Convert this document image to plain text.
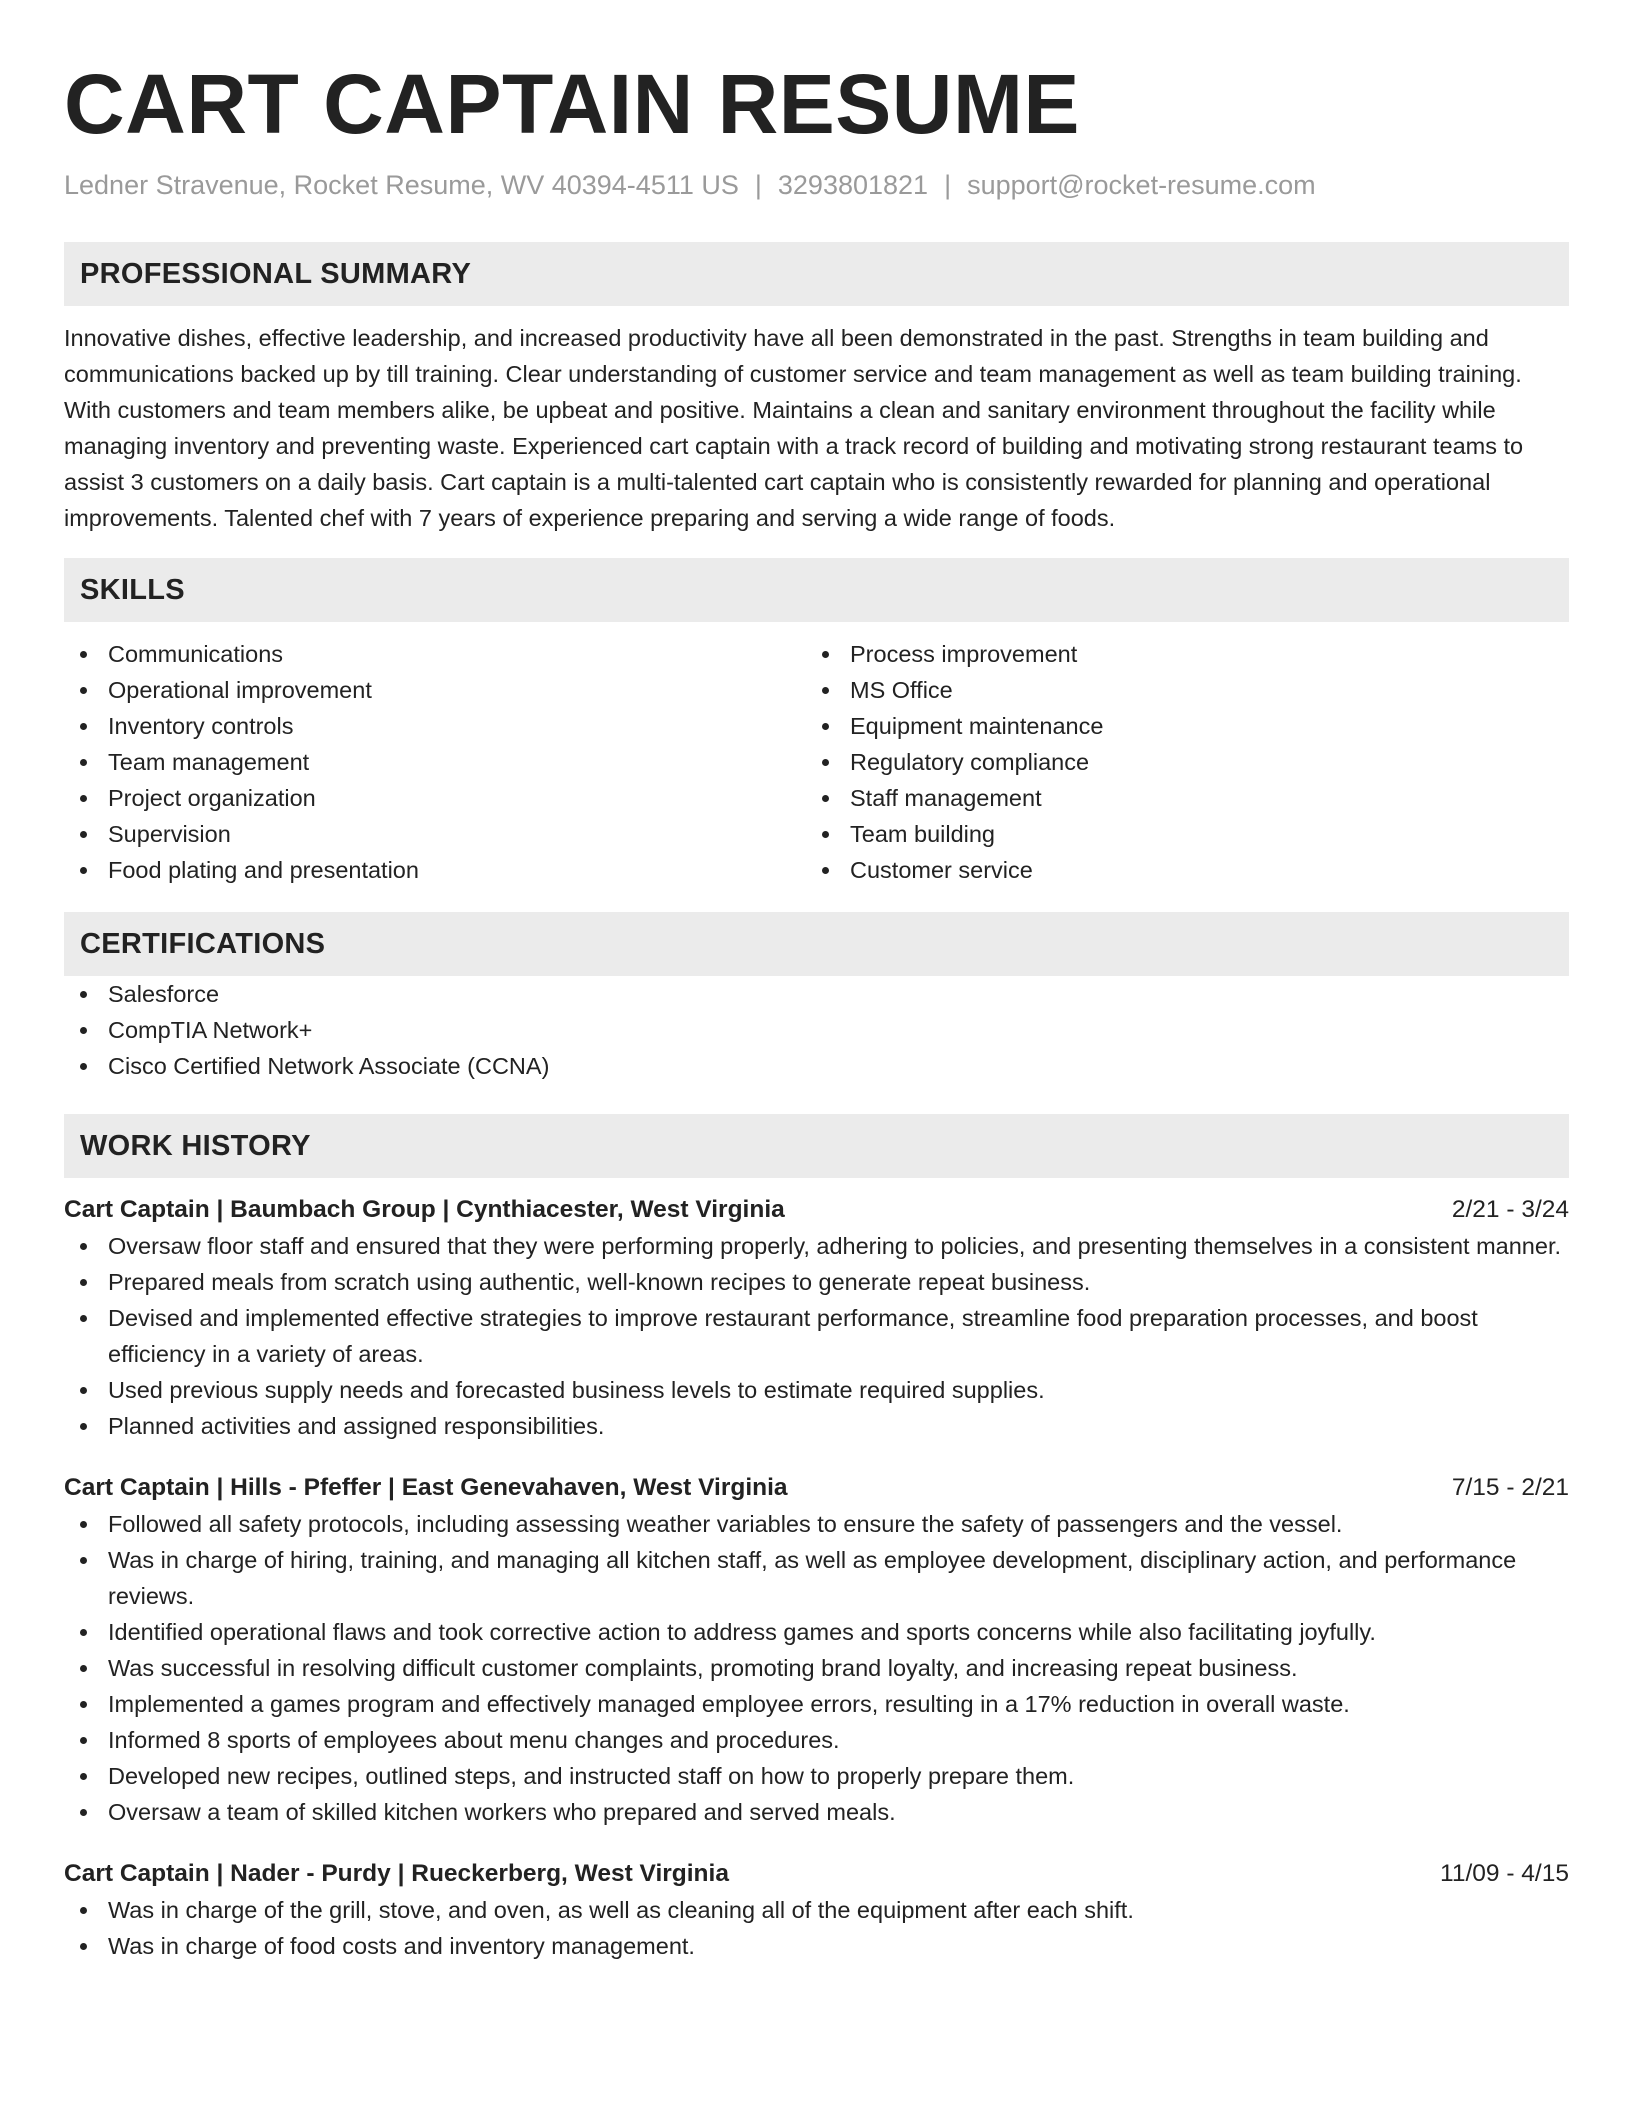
CART CAPTAIN RESUME
Ledner Stravenue, Rocket Resume, WV 40394-4511 US | 3293801821 | support@rocket-resume.com
PROFESSIONAL SUMMARY
Innovative dishes, effective leadership, and increased productivity have all been demonstrated in the past. Strengths in team building and communications backed up by till training. Clear understanding of customer service and team management as well as team building training. With customers and team members alike, be upbeat and positive. Maintains a clean and sanitary environment throughout the facility while managing inventory and preventing waste. Experienced cart captain with a track record of building and motivating strong restaurant teams to assist 3 customers on a daily basis. Cart captain is a multi-talented cart captain who is consistently rewarded for planning and operational improvements. Talented chef with 7 years of experience preparing and serving a wide range of foods.
SKILLS
Communications
Operational improvement
Inventory controls
Team management
Project organization
Supervision
Food plating and presentation
Process improvement
MS Office
Equipment maintenance
Regulatory compliance
Staff management
Team building
Customer service
CERTIFICATIONS
Salesforce
CompTIA Network+
Cisco Certified Network Associate (CCNA)
WORK HISTORY
Cart Captain | Baumbach Group | Cynthiacester, West Virginia	2/21 - 3/24
Oversaw floor staff and ensured that they were performing properly, adhering to policies, and presenting themselves in a consistent manner.
Prepared meals from scratch using authentic, well-known recipes to generate repeat business.
Devised and implemented effective strategies to improve restaurant performance, streamline food preparation processes, and boost efficiency in a variety of areas.
Used previous supply needs and forecasted business levels to estimate required supplies.
Planned activities and assigned responsibilities.
Cart Captain | Hills - Pfeffer | East Genevahaven, West Virginia	7/15 - 2/21
Followed all safety protocols, including assessing weather variables to ensure the safety of passengers and the vessel.
Was in charge of hiring, training, and managing all kitchen staff, as well as employee development, disciplinary action, and performance reviews.
Identified operational flaws and took corrective action to address games and sports concerns while also facilitating joyfully.
Was successful in resolving difficult customer complaints, promoting brand loyalty, and increasing repeat business.
Implemented a games program and effectively managed employee errors, resulting in a 17% reduction in overall waste.
Informed 8 sports of employees about menu changes and procedures.
Developed new recipes, outlined steps, and instructed staff on how to properly prepare them.
Oversaw a team of skilled kitchen workers who prepared and served meals.
Cart Captain | Nader - Purdy | Rueckerberg, West Virginia	11/09 - 4/15
Was in charge of the grill, stove, and oven, as well as cleaning all of the equipment after each shift.
Was in charge of food costs and inventory management.
